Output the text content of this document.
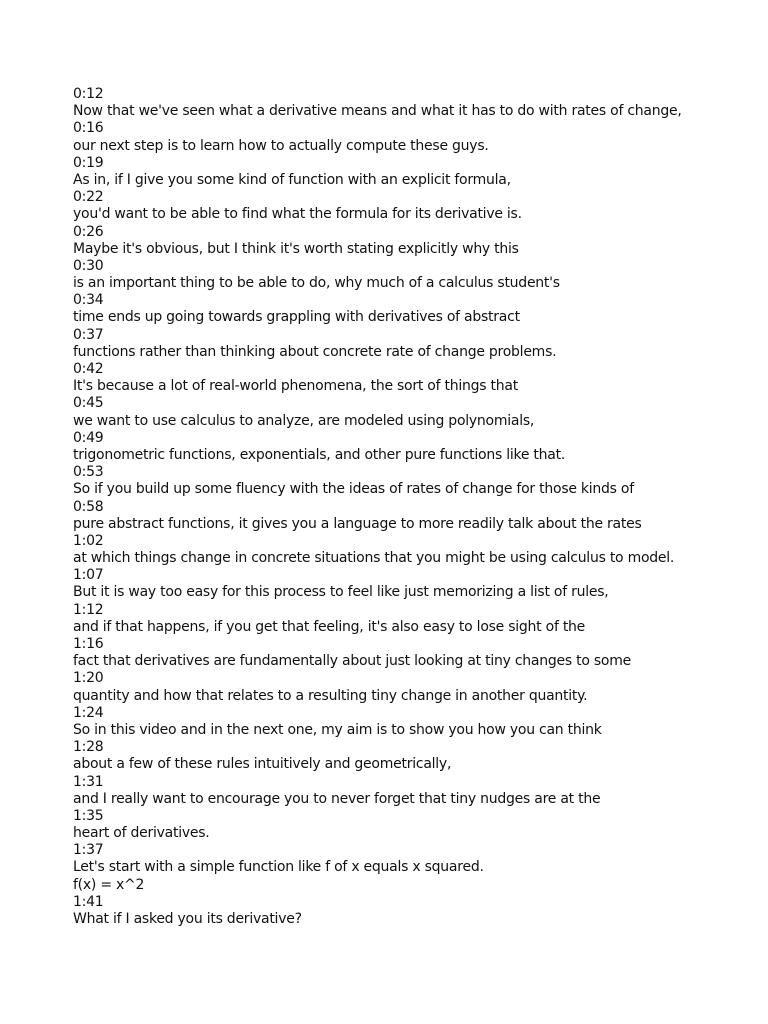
0:12
Now that we've seen what a derivative means and what it has to do with rates of change,
0:16
our next step is to learn how to actually compute these guys.
0:19
As in, if I give you some kind of function with an explicit formula,
0:22
you'd want to be able to find what the formula for its derivative is.
0:26
Maybe it's obvious, but I think it's worth stating explicitly why this
0:30
is an important thing to be able to do, why much of a calculus student's
0:34
time ends up going towards grappling with derivatives of abstract
0:37
functions rather than thinking about concrete rate of change problems.
0:42
It's because a lot of real-world phenomena, the sort of things that
0:45
we want to use calculus to analyze, are modeled using polynomials,
0:49
trigonometric functions, exponentials, and other pure functions like that.
0:53
So if you build up some fluency with the ideas of rates of change for those kinds of
0:58
pure abstract functions, it gives you a language to more readily talk about the rates
1:02
at which things change in concrete situations that you might be using calculus to model.
1:07
But it is way too easy for this process to feel like just memorizing a list of rules,
1:12
and if that happens, if you get that feeling, it's also easy to lose sight of the
1:16
fact that derivatives are fundamentally about just looking at tiny changes to some
1:20
quantity and how that relates to a resulting tiny change in another quantity.
1:24
So in this video and in the next one, my aim is to show you how you can think
1:28
about a few of these rules intuitively and geometrically,
1:31
and I really want to encourage you to never forget that tiny nudges are at the
1:35
heart of derivatives.
1:37
Let's start with a simple function like f of x equals x squared.
f(x) = x^2
1:41
What if I asked you its derivative?
